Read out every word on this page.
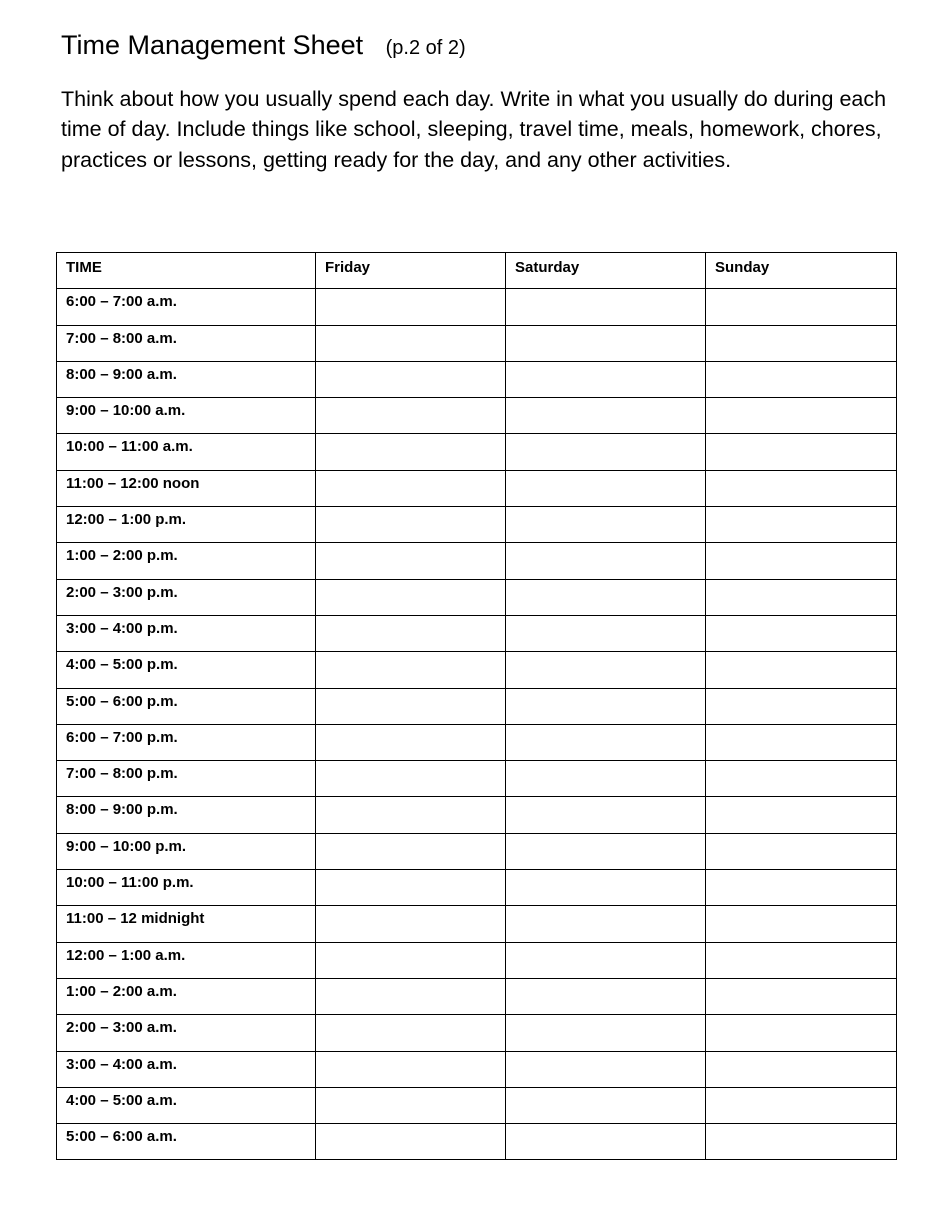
Time Management Sheet (p.2 of 2)

Think about how you usually spend each day. Write in what you usually do during each time of day. Include things like school, sleeping, travel time, meals, homework, chores, practices or lessons, getting ready for the day, and any other activities.

TIME	Friday	Saturday	Sunday
6:00 – 7:00 a.m.			
7:00 – 8:00 a.m.			
8:00 – 9:00 a.m.			
9:00 – 10:00 a.m.			
10:00 – 11:00 a.m.			
11:00 – 12:00 noon			
12:00 – 1:00 p.m.			
1:00 – 2:00 p.m.			
2:00 – 3:00 p.m.			
3:00 – 4:00 p.m.			
4:00 – 5:00 p.m.			
5:00 – 6:00 p.m.			
6:00 – 7:00 p.m.			
7:00 – 8:00 p.m.			
8:00 – 9:00 p.m.			
9:00 – 10:00 p.m.			
10:00 – 11:00 p.m.			
11:00 – 12 midnight			
12:00 – 1:00 a.m.			
1:00 – 2:00 a.m.			
2:00 – 3:00 a.m.			
3:00 – 4:00 a.m.			
4:00 – 5:00 a.m.			
5:00 – 6:00 a.m.			
